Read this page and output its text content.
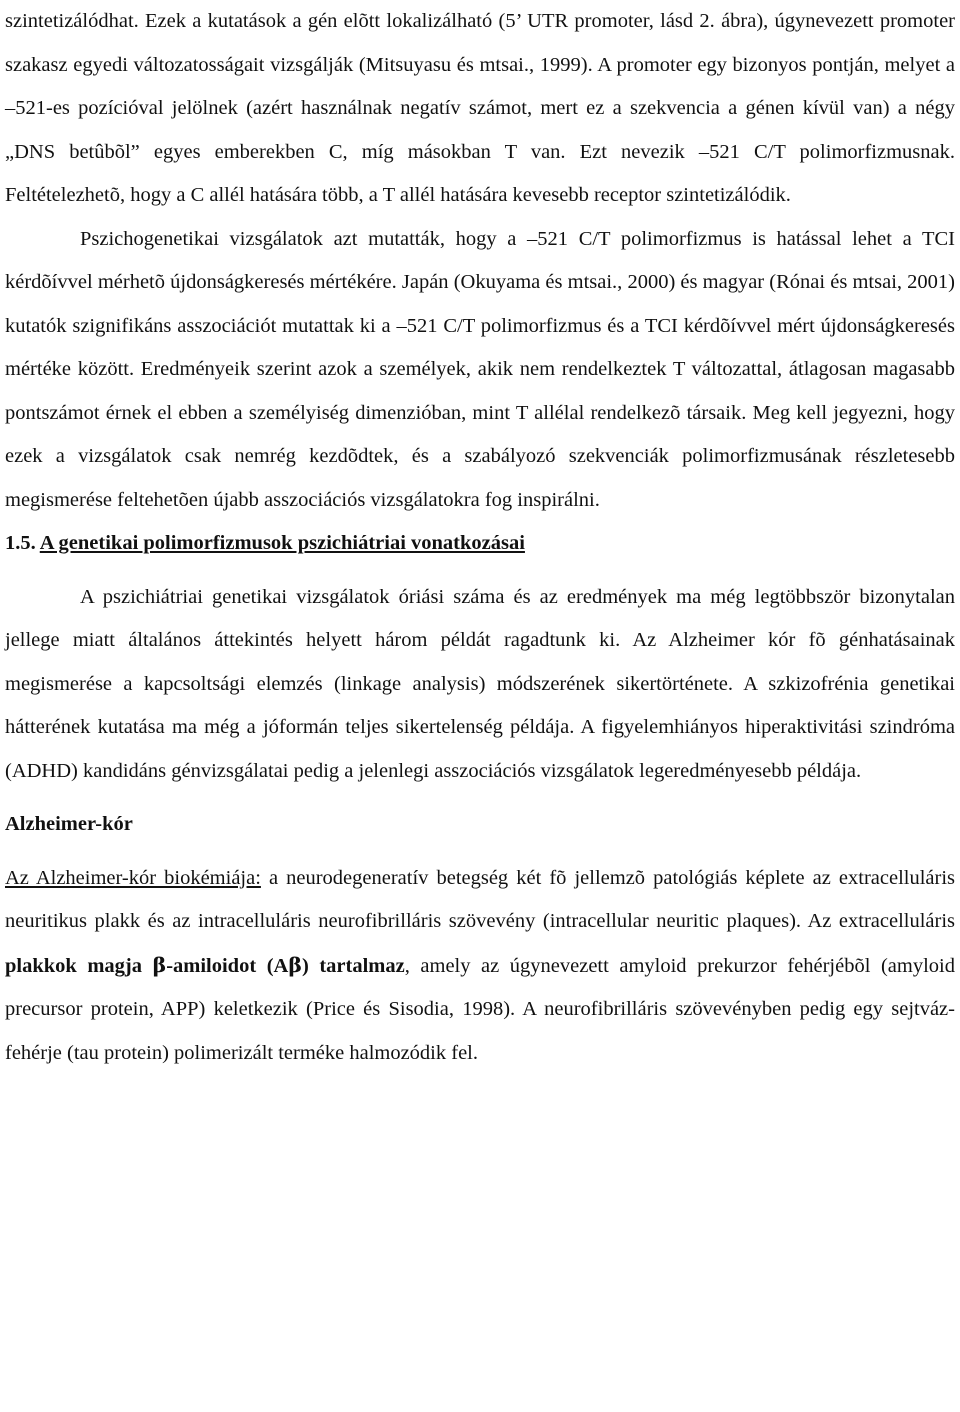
szintetizálódhat. Ezek a kutatások a gén elõtt lokalizálható (5’ UTR promoter, lásd 2. ábra), úgynevezett promoter szakasz egyedi változatosságait vizsgálják (Mitsuyasu és mtsai., 1999). A promoter egy bizonyos pontján, melyet a –521-es pozícióval jelölnek (azért használnak negatív számot, mert ez a szekvencia a génen kívül van) a négy „DNS betûbõl” egyes emberekben C, míg másokban T van. Ezt nevezik –521 C/T polimorfizmusnak. Feltételezhetõ, hogy a C allél hatására több, a T allél hatására kevesebb receptor szintetizálódik.

Pszichogenetikai vizsgálatok azt mutatták, hogy a –521 C/T polimorfizmus is hatással lehet a TCI kérdõívvel mérhetõ újdonságkeresés mértékére. Japán (Okuyama és mtsai., 2000) és magyar (Rónai és mtsai, 2001) kutatók szignifikáns asszociációt mutattak ki a –521 C/T polimorfizmus és a TCI kérdõívvel mért újdonságkeresés mértéke között. Eredményeik szerint azok a személyek, akik nem rendelkeztek T változattal, átlagosan magasabb pontszámot érnek el ebben a személyiség dimenzióban, mint T allélal rendelkezõ társaik. Meg kell jegyezni, hogy ezek a vizsgálatok csak nemrég kezdõdtek, és a szabályozó szekvenciák polimorfizmusának részletesebb megismerése feltehetõen újabb asszociációs vizsgálatokra fog inspirálni.

1.5. A genetikai polimorfizmusok pszichiátriai vonatkozásai

A pszichiátriai genetikai vizsgálatok óriási száma és az eredmények ma még legtöbbször bizonytalan jellege miatt általános áttekintés helyett három példát ragadtunk ki. Az Alzheimer kór fõ génhatásainak megismerése a kapcsoltsági elemzés (linkage analysis) módszerének sikertörténete. A szkizofrénia genetikai hátterének kutatása ma még a jóformán teljes sikertelenség példája. A figyelemhiányos hiperaktivitási szindróma (ADHD) kandidáns génvizsgálatai pedig a jelenlegi asszociációs vizsgálatok legeredményesebb példája.

Alzheimer-kór

Az Alzheimer-kór biokémiája: a neurodegeneratív betegség két fõ jellemzõ patológiás képlete az extracelluláris neuritikus plakk és az intracelluláris neurofibrilláris szövevény (intracellular neuritic plaques). Az extracelluláris plakkok magja β-amiloidot (Aβ) tartalmaz, amely az úgynevezett amyloid prekurzor fehérjébõl (amyloid precursor protein, APP) keletkezik (Price és Sisodia, 1998). A neurofibrilláris szövevényben pedig egy sejtváz-fehérje (tau protein) polimerizált terméke halmozódik fel.
